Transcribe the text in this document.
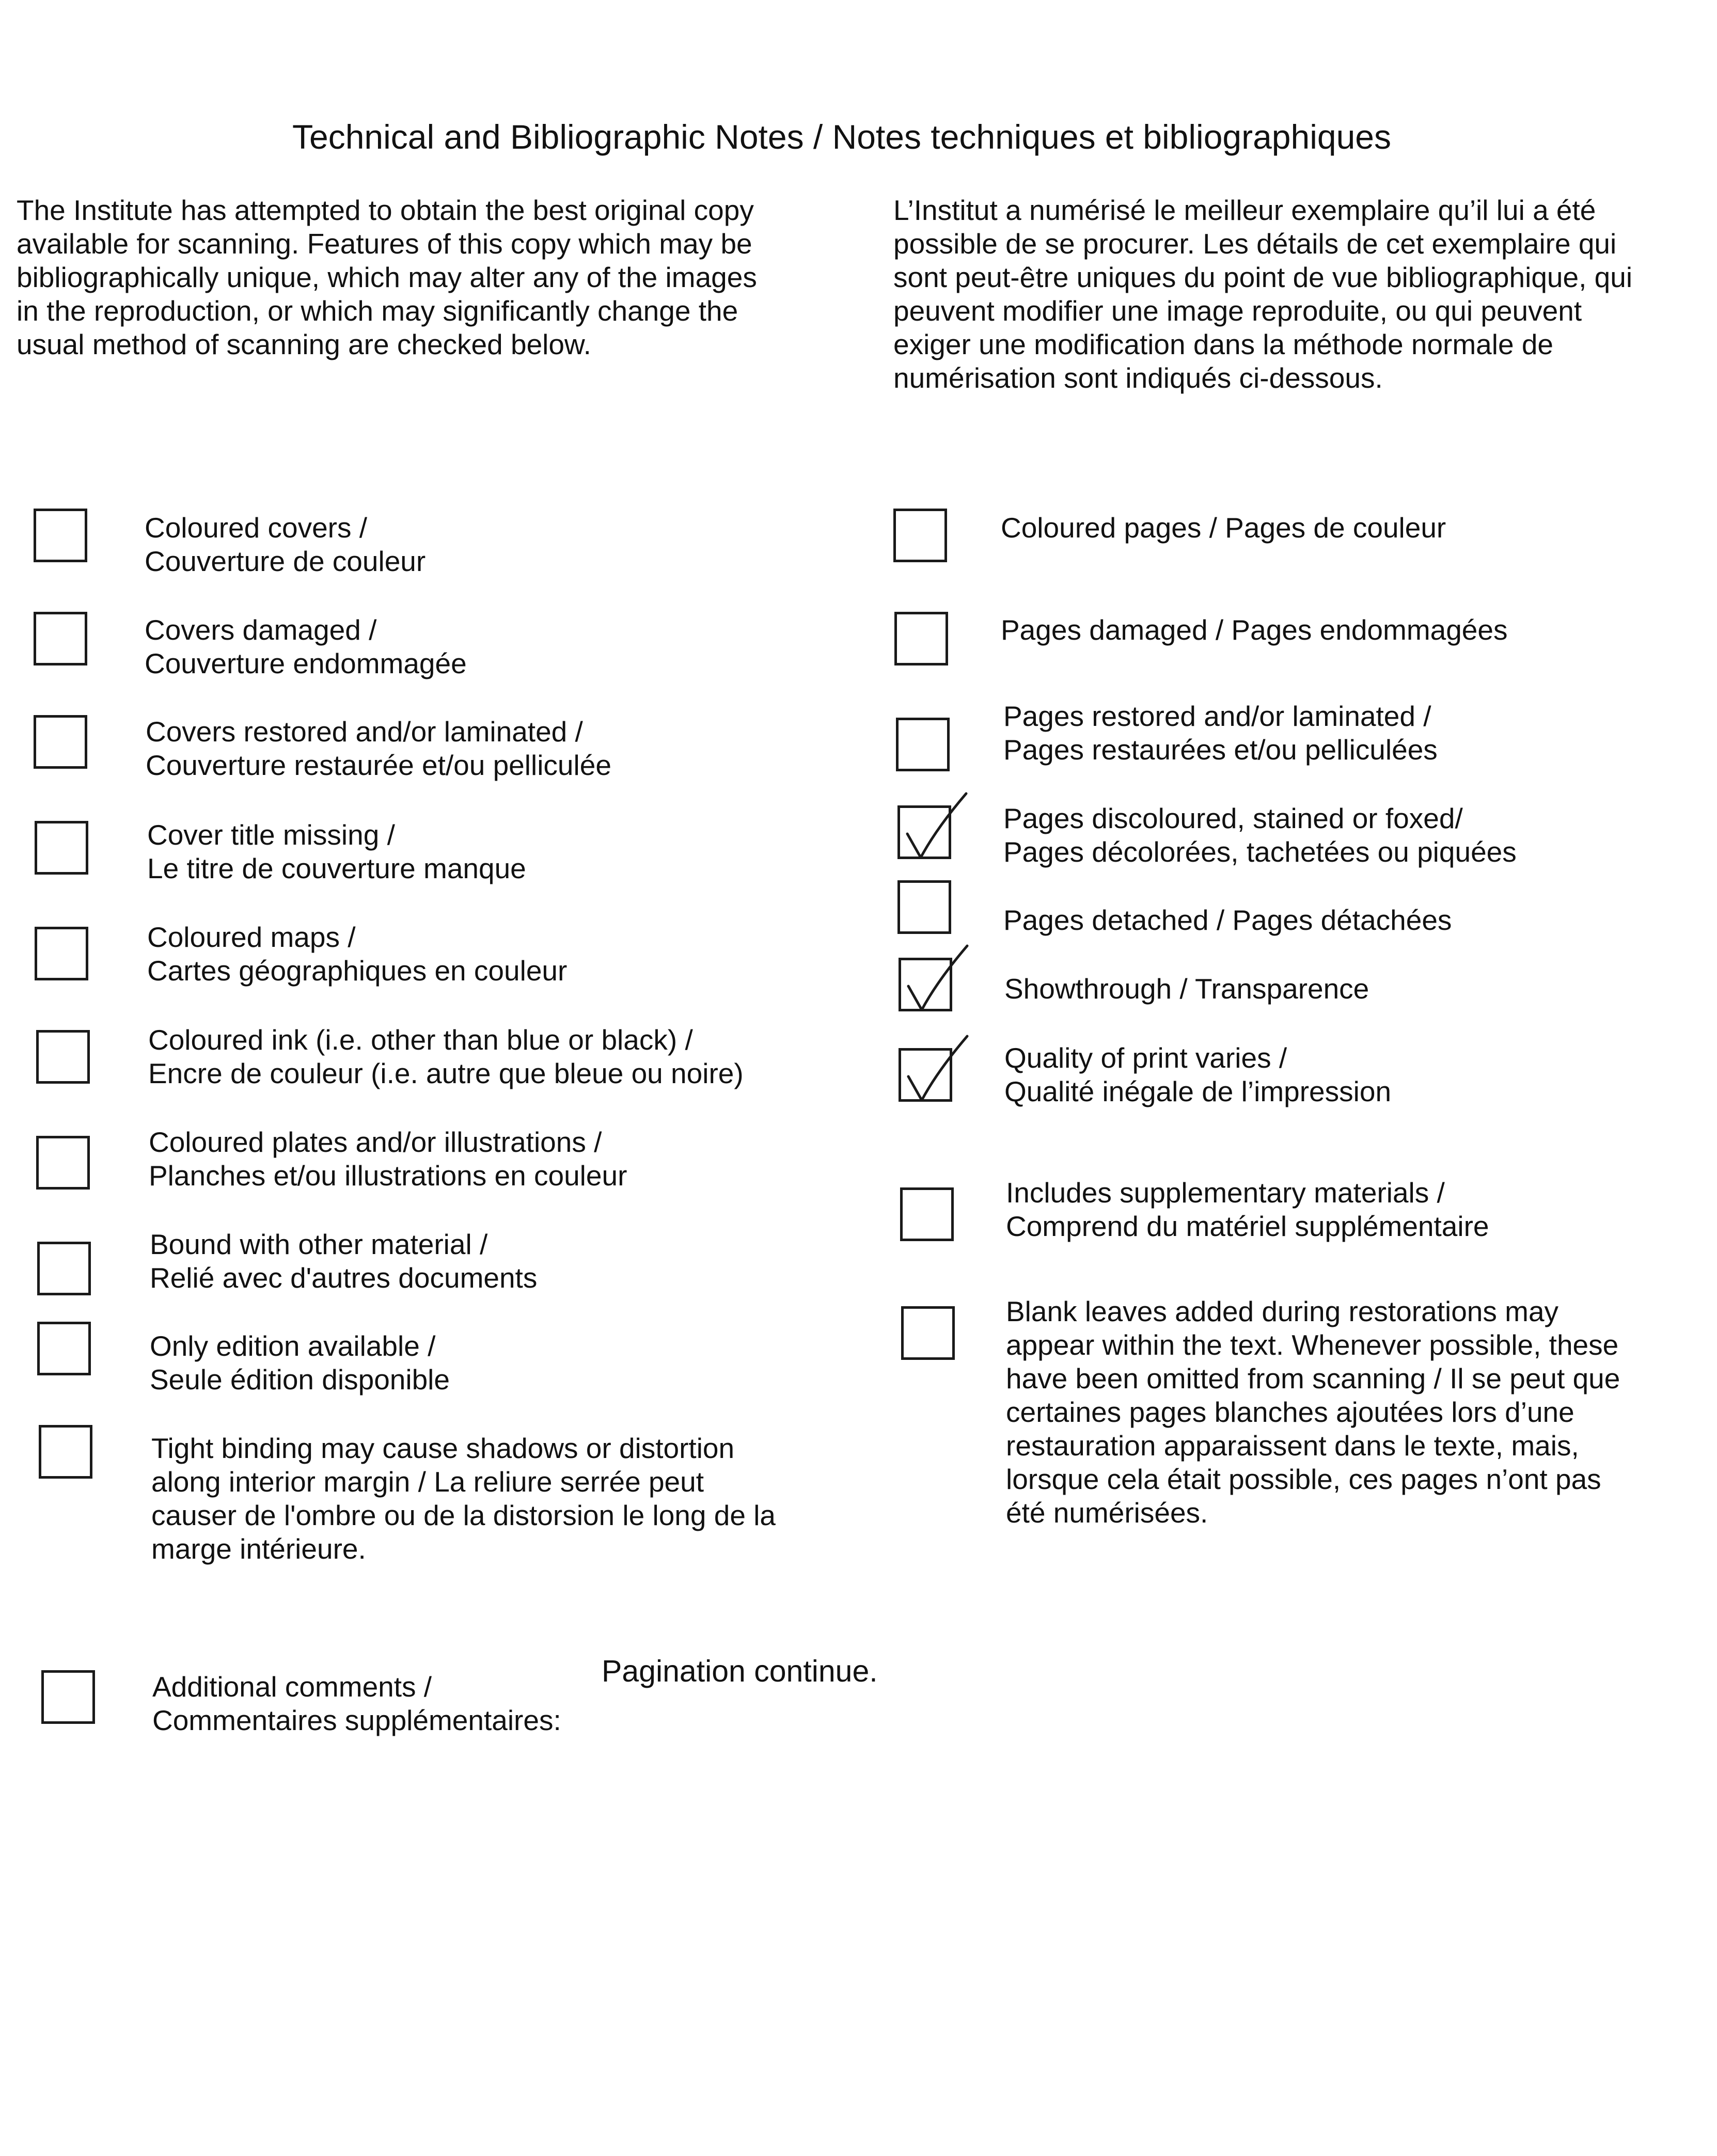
Technical and Bibliographic Notes / Notes techniques et bibliographiques
The Institute has attempted to obtain the best original copy
available for scanning. Features of this copy which may be
bibliographically unique, which may alter any of the images
in the reproduction, or which may significantly change the
usual method of scanning are checked below.
L’Institut a numérisé le meilleur exemplaire qu’il lui a été
possible de se procurer. Les détails de cet exemplaire qui
sont peut-être uniques du point de vue bibliographique, qui
peuvent modifier une image reproduite, ou qui peuvent
exiger une modification dans la méthode normale de
numérisation sont indiqués ci-dessous.
Coloured covers /
Couverture de couleur
Covers damaged /
Couverture endommagée
Covers restored and/or laminated /
Couverture restaurée et/ou pelliculée
Cover title missing /
Le titre de couverture manque
Coloured maps /
Cartes géographiques en couleur
Coloured ink (i.e. other than blue or black) /
Encre de couleur (i.e. autre que bleue ou noire)
Coloured plates and/or illustrations /
Planches et/ou illustrations en couleur
Bound with other material /
Relié avec d'autres documents
Only edition available /
Seule édition disponible
Tight binding may cause shadows or distortion
along interior margin / La reliure serrée peut
causer de l'ombre ou de la distorsion le long de la
marge intérieure.
Coloured pages / Pages de couleur
Pages damaged / Pages endommagées
Pages restored and/or laminated /
Pages restaurées et/ou pelliculées
Pages discoloured, stained or foxed/
Pages décolorées, tachetées ou piquées
Pages detached / Pages détachées
Showthrough / Transparence
Quality of print varies /
Qualité inégale de l’impression
Includes supplementary materials /
Comprend du matériel supplémentaire
Blank leaves added during restorations may
appear within the text. Whenever possible, these
have been omitted from scanning / Il se peut que
certaines pages blanches ajoutées lors d’une
restauration apparaissent dans le texte, mais,
lorsque cela était possible, ces pages n’ont pas
été numérisées.
Additional comments /
Commentaires supplémentaires:
Pagination continue.
